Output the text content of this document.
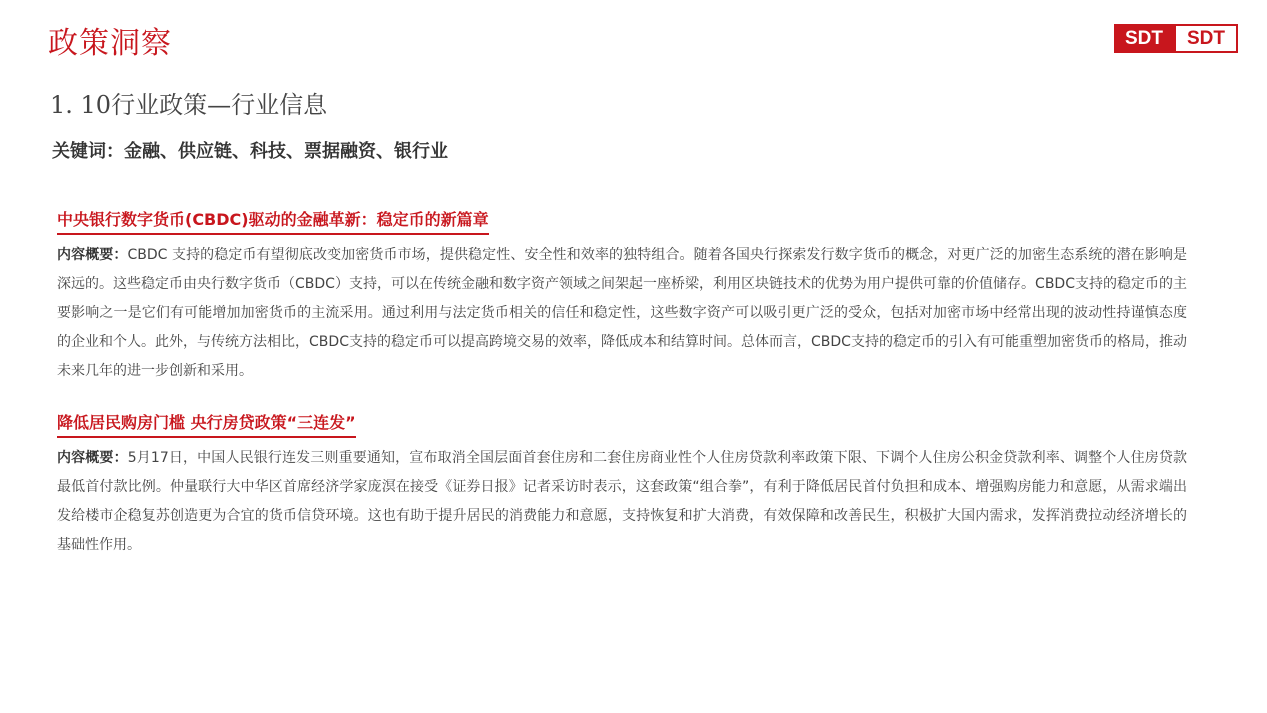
政策洞察	SDT	SDT
1. 10行业政策—行业信息
关键词：金融、供应链、科技、票据融资、银行业
中央银行数字货币(CBDC)驱动的金融革新：稳定币的新篇章
内容概要：CBDC 支持的稳定币有望彻底改变加密货币市场，提供稳定性、安全性和效率的独特组合。随着各国央行探索发行数字货币的概念，对更广泛的加密生态系统的潜在影响是深远的。这些稳定币由央行数字货币（CBDC）支持，可以在传统金融和数字资产领域之间架起一座桥梁，利用区块链技术的优势为用户提供可靠的价值储存。CBDC支持的稳定币的主要影响之一是它们有可能增加加密货币的主流采用。通过利用与法定货币相关的信任和稳定性，这些数字资产可以吸引更广泛的受众，包括对加密市场中经常出现的波动性持谨慎态度的企业和个人。此外，与传统方法相比，CBDC支持的稳定币可以提高跨境交易的效率，降低成本和结算时间。总体而言，CBDC支持的稳定币的引入有可能重塑加密货币的格局，推动未来几年的进一步创新和采用。
降低居民购房门槛 央行房贷政策“三连发”
内容概要：5月17日，中国人民银行连发三则重要通知，宣布取消全国层面首套住房和二套住房商业性个人住房贷款利率政策下限、下调个人住房公积金贷款利率、调整个人住房贷款最低首付款比例。仲量联行大中华区首席经济学家庞溟在接受《证券日报》记者采访时表示，这套政策“组合拳”，有利于降低居民首付负担和成本、增强购房能力和意愿，从需求端出发给楼市企稳复苏创造更为合宜的货币信贷环境。这也有助于提升居民的消费能力和意愿，支持恢复和扩大消费，有效保障和改善民生，积极扩大国内需求，发挥消费拉动经济增长的基础性作用。
